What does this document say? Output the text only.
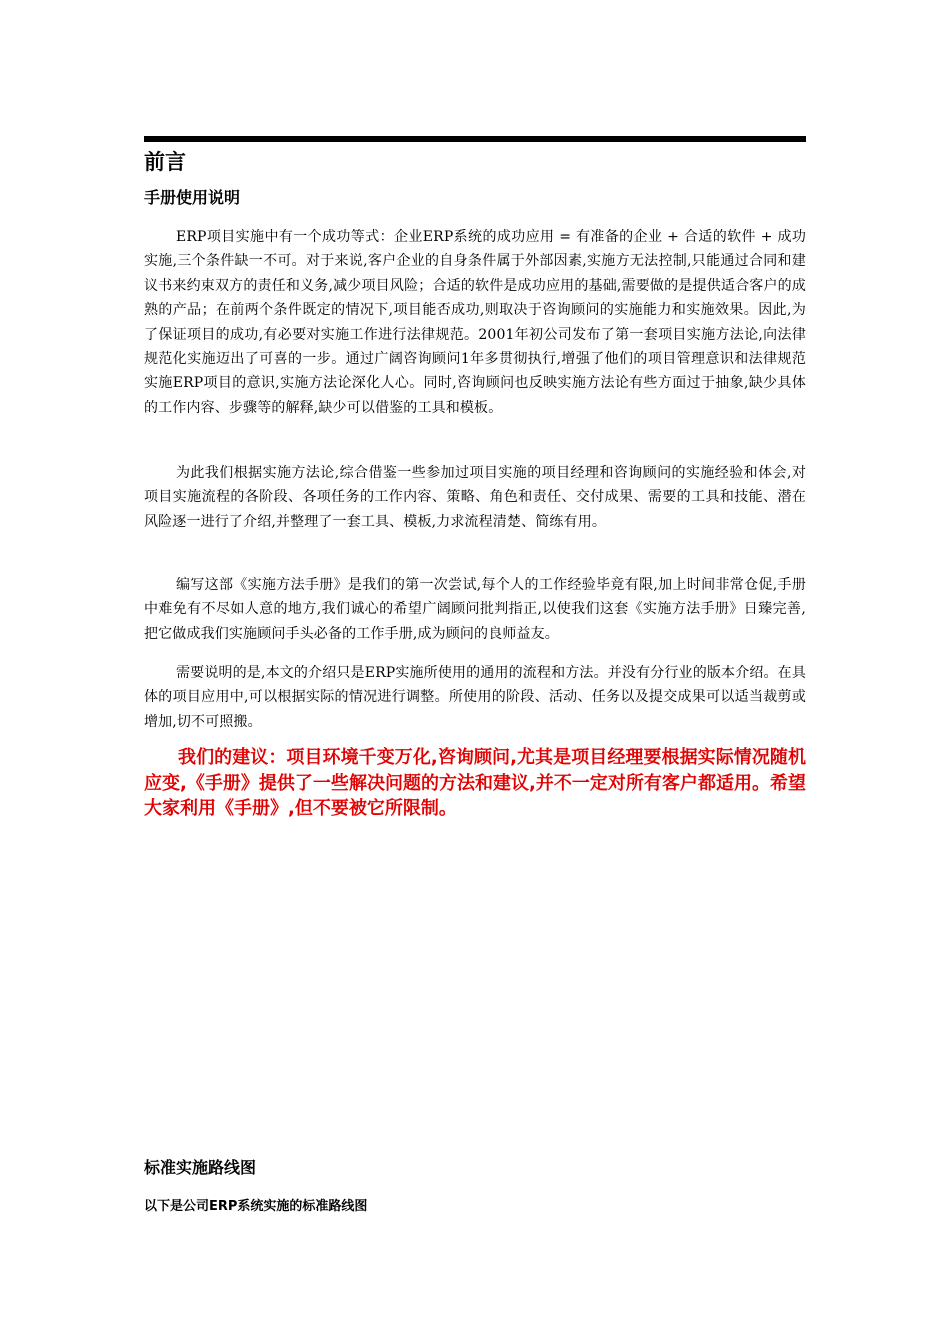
前言
手册使用说明

ERP项目实施中有一个成功等式：企业ERP系统的成功应用 = 有准备的企业 + 合适的软件 + 成功实施,三个条件缺一不可。对于来说,客户企业的自身条件属于外部因素,实施方无法控制,只能通过合同和建议书来约束双方的责任和义务,减少项目风险；合适的软件是成功应用的基础,需要做的是提供适合客户的成熟的产品；在前两个条件既定的情况下,项目能否成功,则取决于咨询顾问的实施能力和实施效果。因此,为了保证项目的成功,有必要对实施工作进行法律规范。2001年初公司发布了第一套项目实施方法论,向法律规范化实施迈出了可喜的一步。通过广阔咨询顾问1年多贯彻执行,增强了他们的项目管理意识和法律规范实施ERP项目的意识,实施方法论深化人心。同时,咨询顾问也反映实施方法论有些方面过于抽象,缺少具体的工作内容、步骤等的解释,缺少可以借鉴的工具和模板。

为此我们根据实施方法论,综合借鉴一些参加过项目实施的项目经理和咨询顾问的实施经验和体会,对项目实施流程的各阶段、各项任务的工作内容、策略、角色和责任、交付成果、需要的工具和技能、潜在风险逐一进行了介绍,并整理了一套工具、模板,力求流程清楚、简练有用。

编写这部《实施方法手册》是我们的第一次尝试,每个人的工作经验毕竟有限,加上时间非常仓促,手册中难免有不尽如人意的地方,我们诚心的希望广阔顾问批判指正,以使我们这套《实施方法手册》日臻完善,把它做成我们实施顾问手头必备的工作手册,成为顾问的良师益友。

需要说明的是,本文的介绍只是ERP实施所使用的通用的流程和方法。并没有分行业的版本介绍。在具体的项目应用中,可以根据实际的情况进行调整。所使用的阶段、活动、任务以及提交成果可以适当裁剪或增加,切不可照搬。

我们的建议：项目环境千变万化,咨询顾问,尤其是项目经理要根据实际情况随机应变,《手册》提供了一些解决问题的方法和建议,并不一定对所有客户都适用。希望大家利用《手册》,但不要被它所限制。

标准实施路线图

以下是公司ERP系统实施的标准路线图
